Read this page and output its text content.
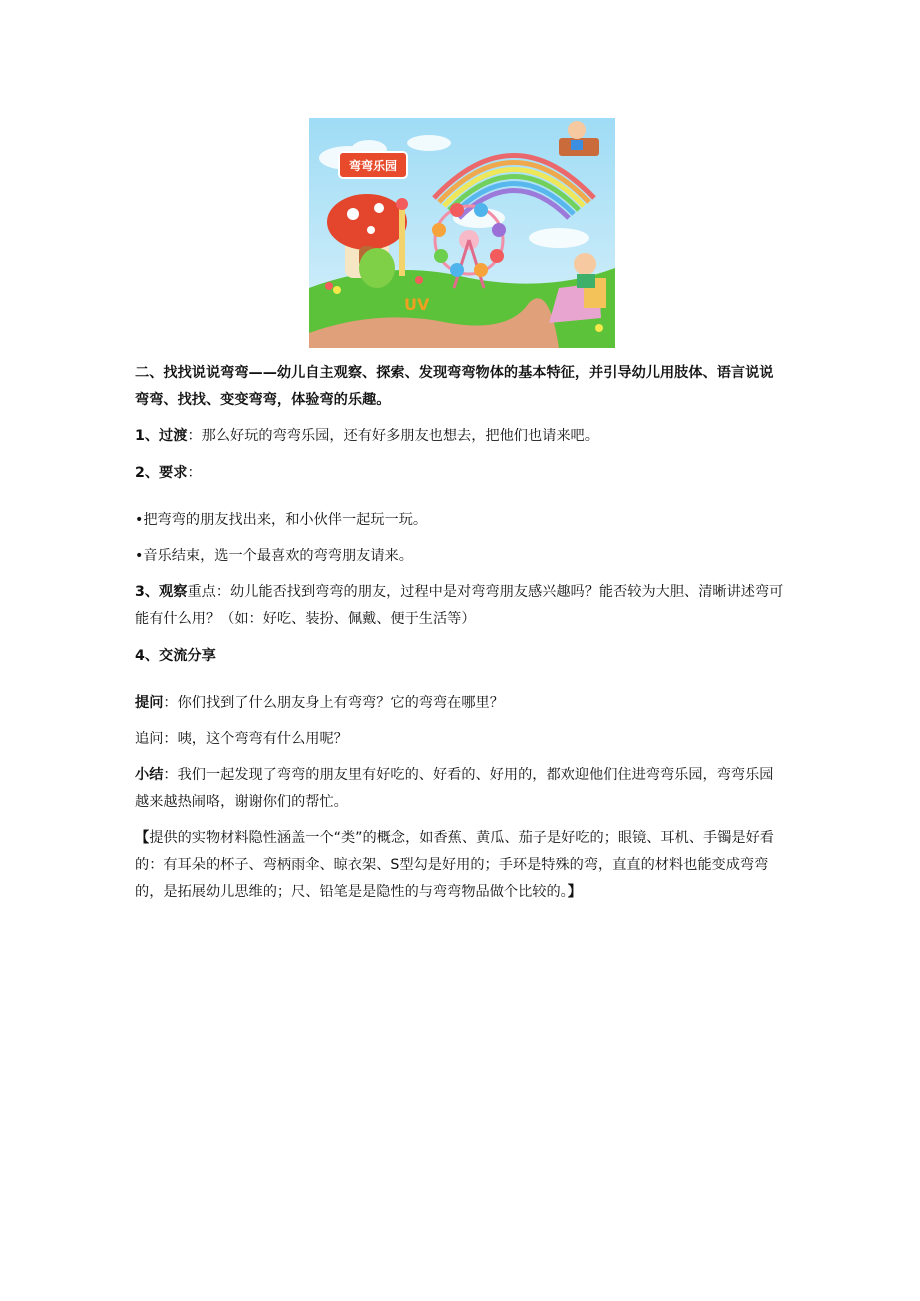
弯弯乐园
UV

二、找找说说弯弯——幼儿自主观察、探索、发现弯弯物体的基本特征，并引导幼儿用肢体、语言说说弯弯、找找、变变弯弯，体验弯的乐趣。

1、过渡：那么好玩的弯弯乐园，还有好多朋友也想去，把他们也请来吧。

2、要求：

•把弯弯的朋友找出来，和小伙伴一起玩一玩。

•音乐结束，选一个最喜欢的弯弯朋友请来。

3、观察重点：幼儿能否找到弯弯的朋友，过程中是对弯弯朋友感兴趣吗？能否较为大胆、清晰讲述弯可能有什么用？（如：好吃、装扮、佩戴、便于生活等）

4、交流分享

提问：你们找到了什么朋友身上有弯弯？它的弯弯在哪里？

追问：咦，这个弯弯有什么用呢？

小结：我们一起发现了弯弯的朋友里有好吃的、好看的、好用的，都欢迎他们住进弯弯乐园，弯弯乐园越来越热闹咯，谢谢你们的帮忙。

【提供的实物材料隐性涵盖一个“类”的概念，如香蕉、黄瓜、茄子是好吃的；眼镜、耳机、手镯是好看的：有耳朵的杯子、弯柄雨伞、晾衣架、S型勾是好用的；手环是特殊的弯，直直的材料也能变成弯弯的，是拓展幼儿思维的；尺、铅笔是是隐性的与弯弯物品做个比较的。】
